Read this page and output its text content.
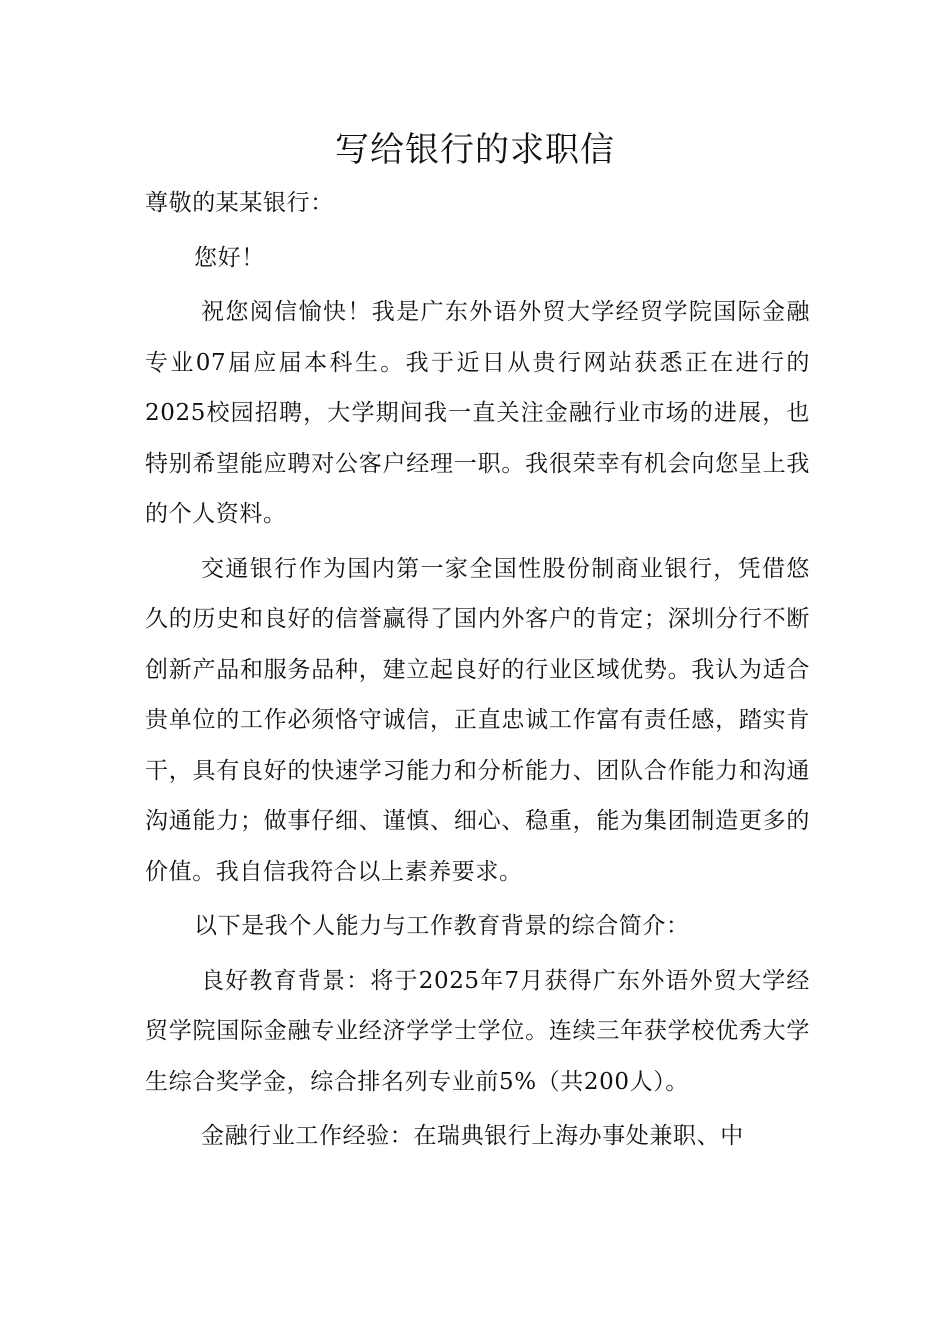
写给银行的求职信

尊敬的某某银行：

您好！

祝您阅信愉快！我是广东外语外贸大学经贸学院国际金融专业07届应届本科生。我于近日从贵行网站获悉正在进行的2025校园招聘，大学期间我一直关注金融行业市场的进展，也特别希望能应聘对公客户经理一职。我很荣幸有机会向您呈上我的个人资料。

交通银行作为国内第一家全国性股份制商业银行，凭借悠久的历史和良好的信誉赢得了国内外客户的肯定；深圳分行不断创新产品和服务品种，建立起良好的行业区域优势。我认为适合贵单位的工作必须恪守诚信，正直忠诚工作富有责任感，踏实肯干，具有良好的快速学习能力和分析能力、团队合作能力和沟通沟通能力；做事仔细、谨慎、细心、稳重，能为集团制造更多的价值。我自信我符合以上素养要求。

以下是我个人能力与工作教育背景的综合简介：

良好教育背景：将于2025年7月获得广东外语外贸大学经贸学院国际金融专业经济学学士学位。连续三年获学校优秀大学生综合奖学金，综合排名列专业前5%（共200人）。

金融行业工作经验：在瑞典银行上海办事处兼职、中
